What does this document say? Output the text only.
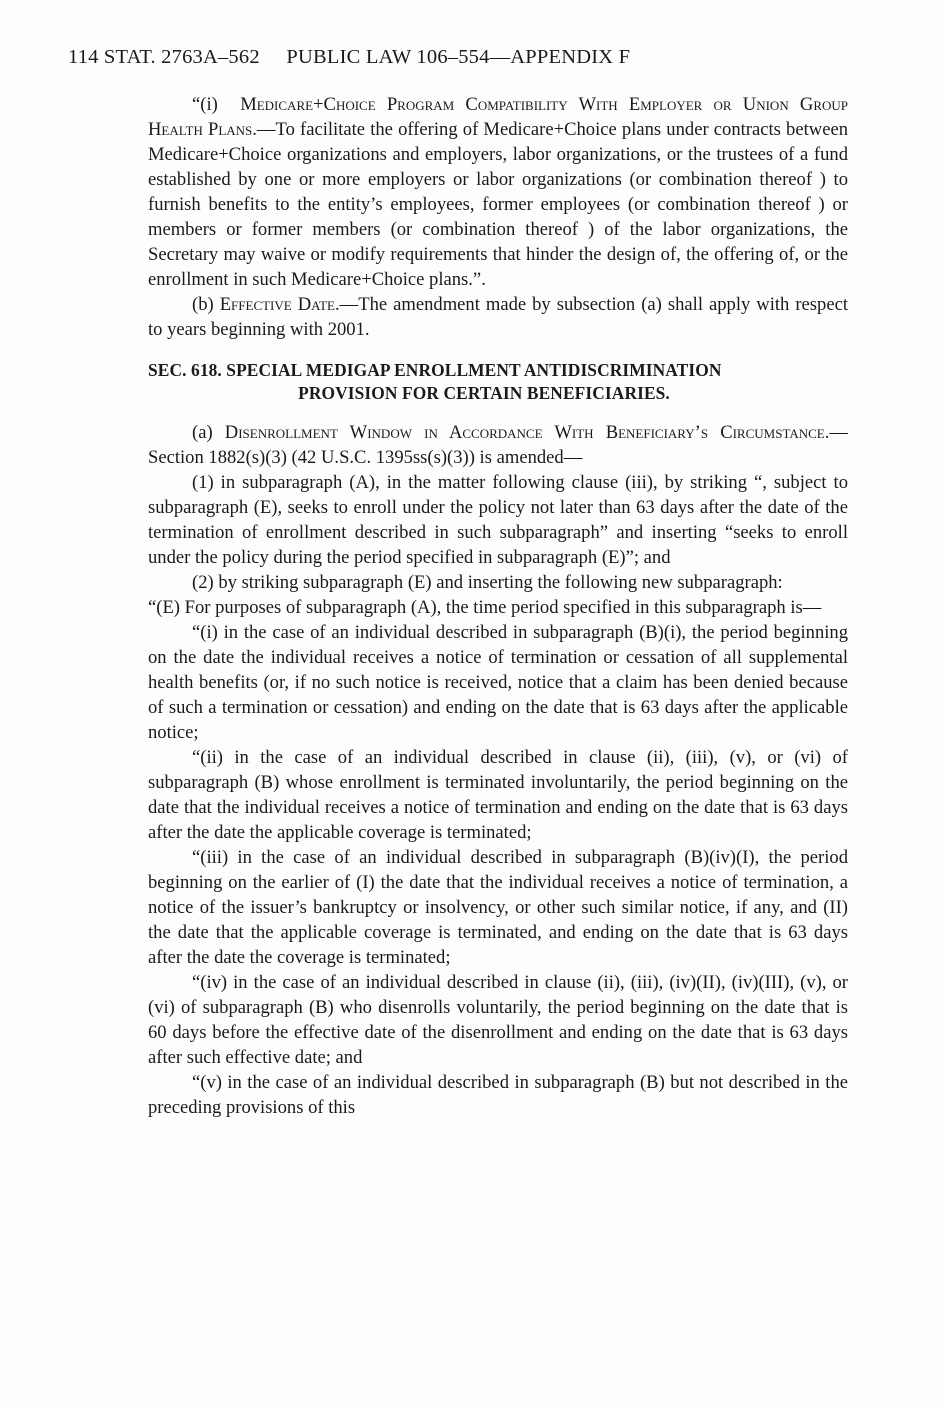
114 STAT. 2763A–562 PUBLIC LAW 106–554—APPENDIX F

“(i) Medicare+Choice Program Compatibility With Employer or Union Group Health Plans.—To facilitate the offering of Medicare+Choice plans under contracts between Medicare+Choice organizations and employers, labor organizations, or the trustees of a fund established by one or more employers or labor organizations (or combination thereof ) to furnish benefits to the entity’s employees, former employees (or combination thereof ) or members or former members (or combination thereof ) of the labor organizations, the Secretary may waive or modify requirements that hinder the design of, the offering of, or the enrollment in such Medicare+Choice plans.”.

(b) Effective Date.—The amendment made by subsection (a) shall apply with respect to years beginning with 2001.

SEC. 618. SPECIAL MEDIGAP ENROLLMENT ANTIDISCRIMINATION
PROVISION FOR CERTAIN BENEFICIARIES.

(a) Disenrollment Window in Accordance With Beneficiary’s Circumstance.—Section 1882(s)(3) (42 U.S.C. 1395ss(s)(3)) is amended—

(1) in subparagraph (A), in the matter following clause (iii), by striking “, subject to subparagraph (E), seeks to enroll under the policy not later than 63 days after the date of the termination of enrollment described in such subparagraph” and inserting “seeks to enroll under the policy during the period specified in subparagraph (E)”; and

(2) by striking subparagraph (E) and inserting the following new subparagraph:

“(E) For purposes of subparagraph (A), the time period specified in this subparagraph is—

“(i) in the case of an individual described in subparagraph (B)(i), the period beginning on the date the individual receives a notice of termination or cessation of all supplemental health benefits (or, if no such notice is received, notice that a claim has been denied because of such a termination or cessation) and ending on the date that is 63 days after the applicable notice;

“(ii) in the case of an individual described in clause (ii), (iii), (v), or (vi) of subparagraph (B) whose enrollment is terminated involuntarily, the period beginning on the date that the individual receives a notice of termination and ending on the date that is 63 days after the date the applicable coverage is terminated;

“(iii) in the case of an individual described in subparagraph (B)(iv)(I), the period beginning on the earlier of (I) the date that the individual receives a notice of termination, a notice of the issuer’s bankruptcy or insolvency, or other such similar notice, if any, and (II) the date that the applicable coverage is terminated, and ending on the date that is 63 days after the date the coverage is terminated;

“(iv) in the case of an individual described in clause (ii), (iii), (iv)(II), (iv)(III), (v), or (vi) of subparagraph (B) who disenrolls voluntarily, the period beginning on the date that is 60 days before the effective date of the disenrollment and ending on the date that is 63 days after such effective date; and

“(v) in the case of an individual described in subparagraph (B) but not described in the preceding provisions of this
